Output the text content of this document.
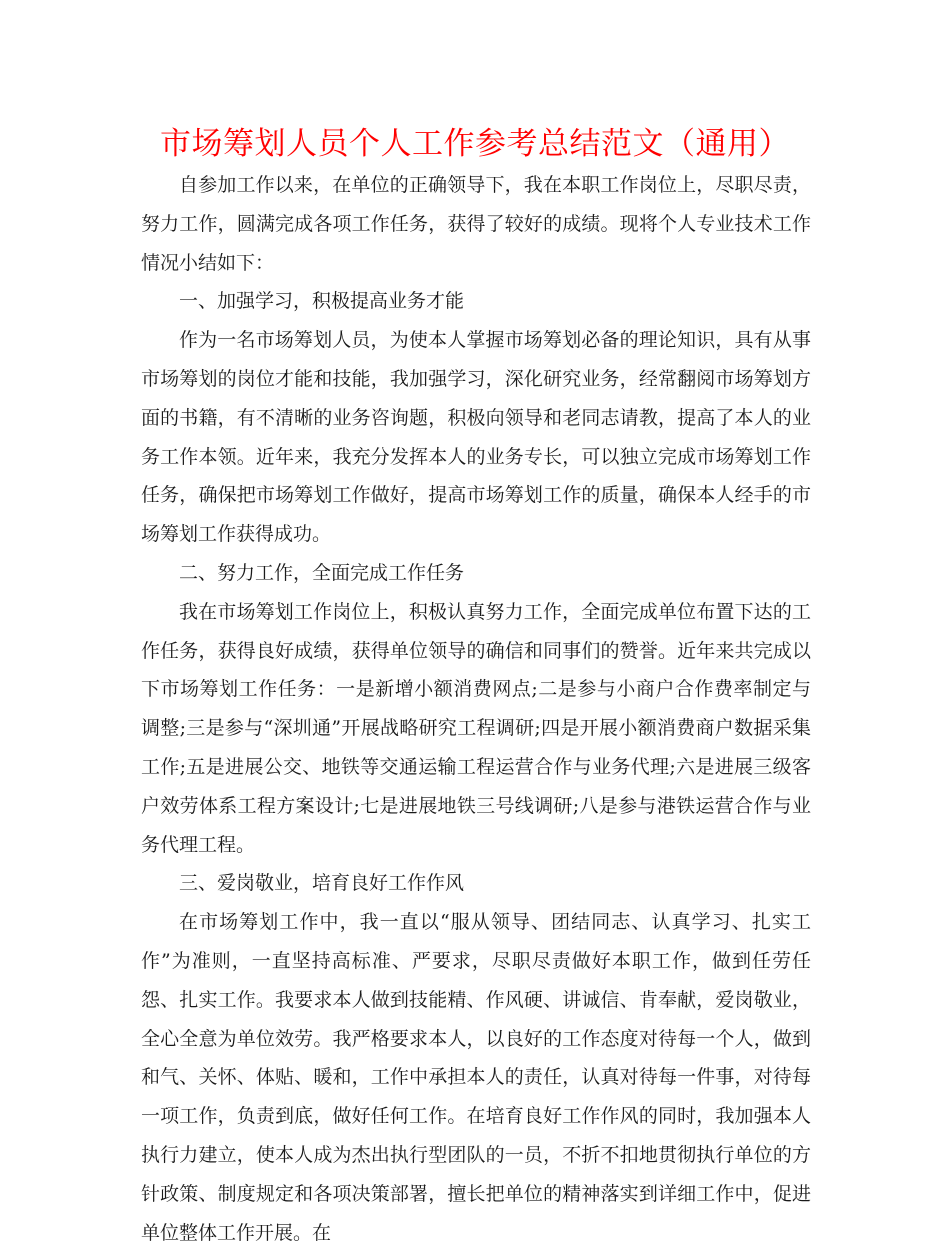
市场筹划人员个人工作参考总结范文（通用）

自参加工作以来，在单位的正确领导下，我在本职工作岗位上，尽职尽责，努力工作，圆满完成各项工作任务，获得了较好的成绩。现将个人专业技术工作情况小结如下：

一、加强学习，积极提高业务才能

作为一名市场筹划人员，为使本人掌握市场筹划必备的理论知识，具有从事市场筹划的岗位才能和技能，我加强学习，深化研究业务，经常翻阅市场筹划方面的书籍，有不清晰的业务咨询题，积极向领导和老同志请教，提高了本人的业务工作本领。近年来，我充分发挥本人的业务专长，可以独立完成市场筹划工作任务，确保把市场筹划工作做好，提高市场筹划工作的质量，确保本人经手的市场筹划工作获得成功。

二、努力工作，全面完成工作任务

我在市场筹划工作岗位上，积极认真努力工作，全面完成单位布置下达的工作任务，获得良好成绩，获得单位领导的确信和同事们的赞誉。近年来共完成以下市场筹划工作任务：一是新增小额消费网点;二是参与小商户合作费率制定与调整;三是参与“深圳通”开展战略研究工程调研;四是开展小额消费商户数据采集工作;五是进展公交、地铁等交通运输工程运营合作与业务代理;六是进展三级客户效劳体系工程方案设计;七是进展地铁三号线调研;八是参与港铁运营合作与业务代理工程。

三、爱岗敬业，培育良好工作作风

在市场筹划工作中，我一直以“服从领导、团结同志、认真学习、扎实工作”为准则，一直坚持高标准、严要求，尽职尽责做好本职工作，做到任劳任怨、扎实工作。我要求本人做到技能精、作风硬、讲诚信、肯奉献，爱岗敬业，全心全意为单位效劳。我严格要求本人，以良好的工作态度对待每一个人，做到和气、关怀、体贴、暖和，工作中承担本人的责任，认真对待每一件事，对待每一项工作，负责到底，做好任何工作。在培育良好工作作风的同时，我加强本人执行力建立，使本人成为杰出执行型团队的一员，不折不扣地贯彻执行单位的方针政策、制度规定和各项决策部署，擅长把单位的精神落实到详细工作中，促进单位整体工作开展。在
